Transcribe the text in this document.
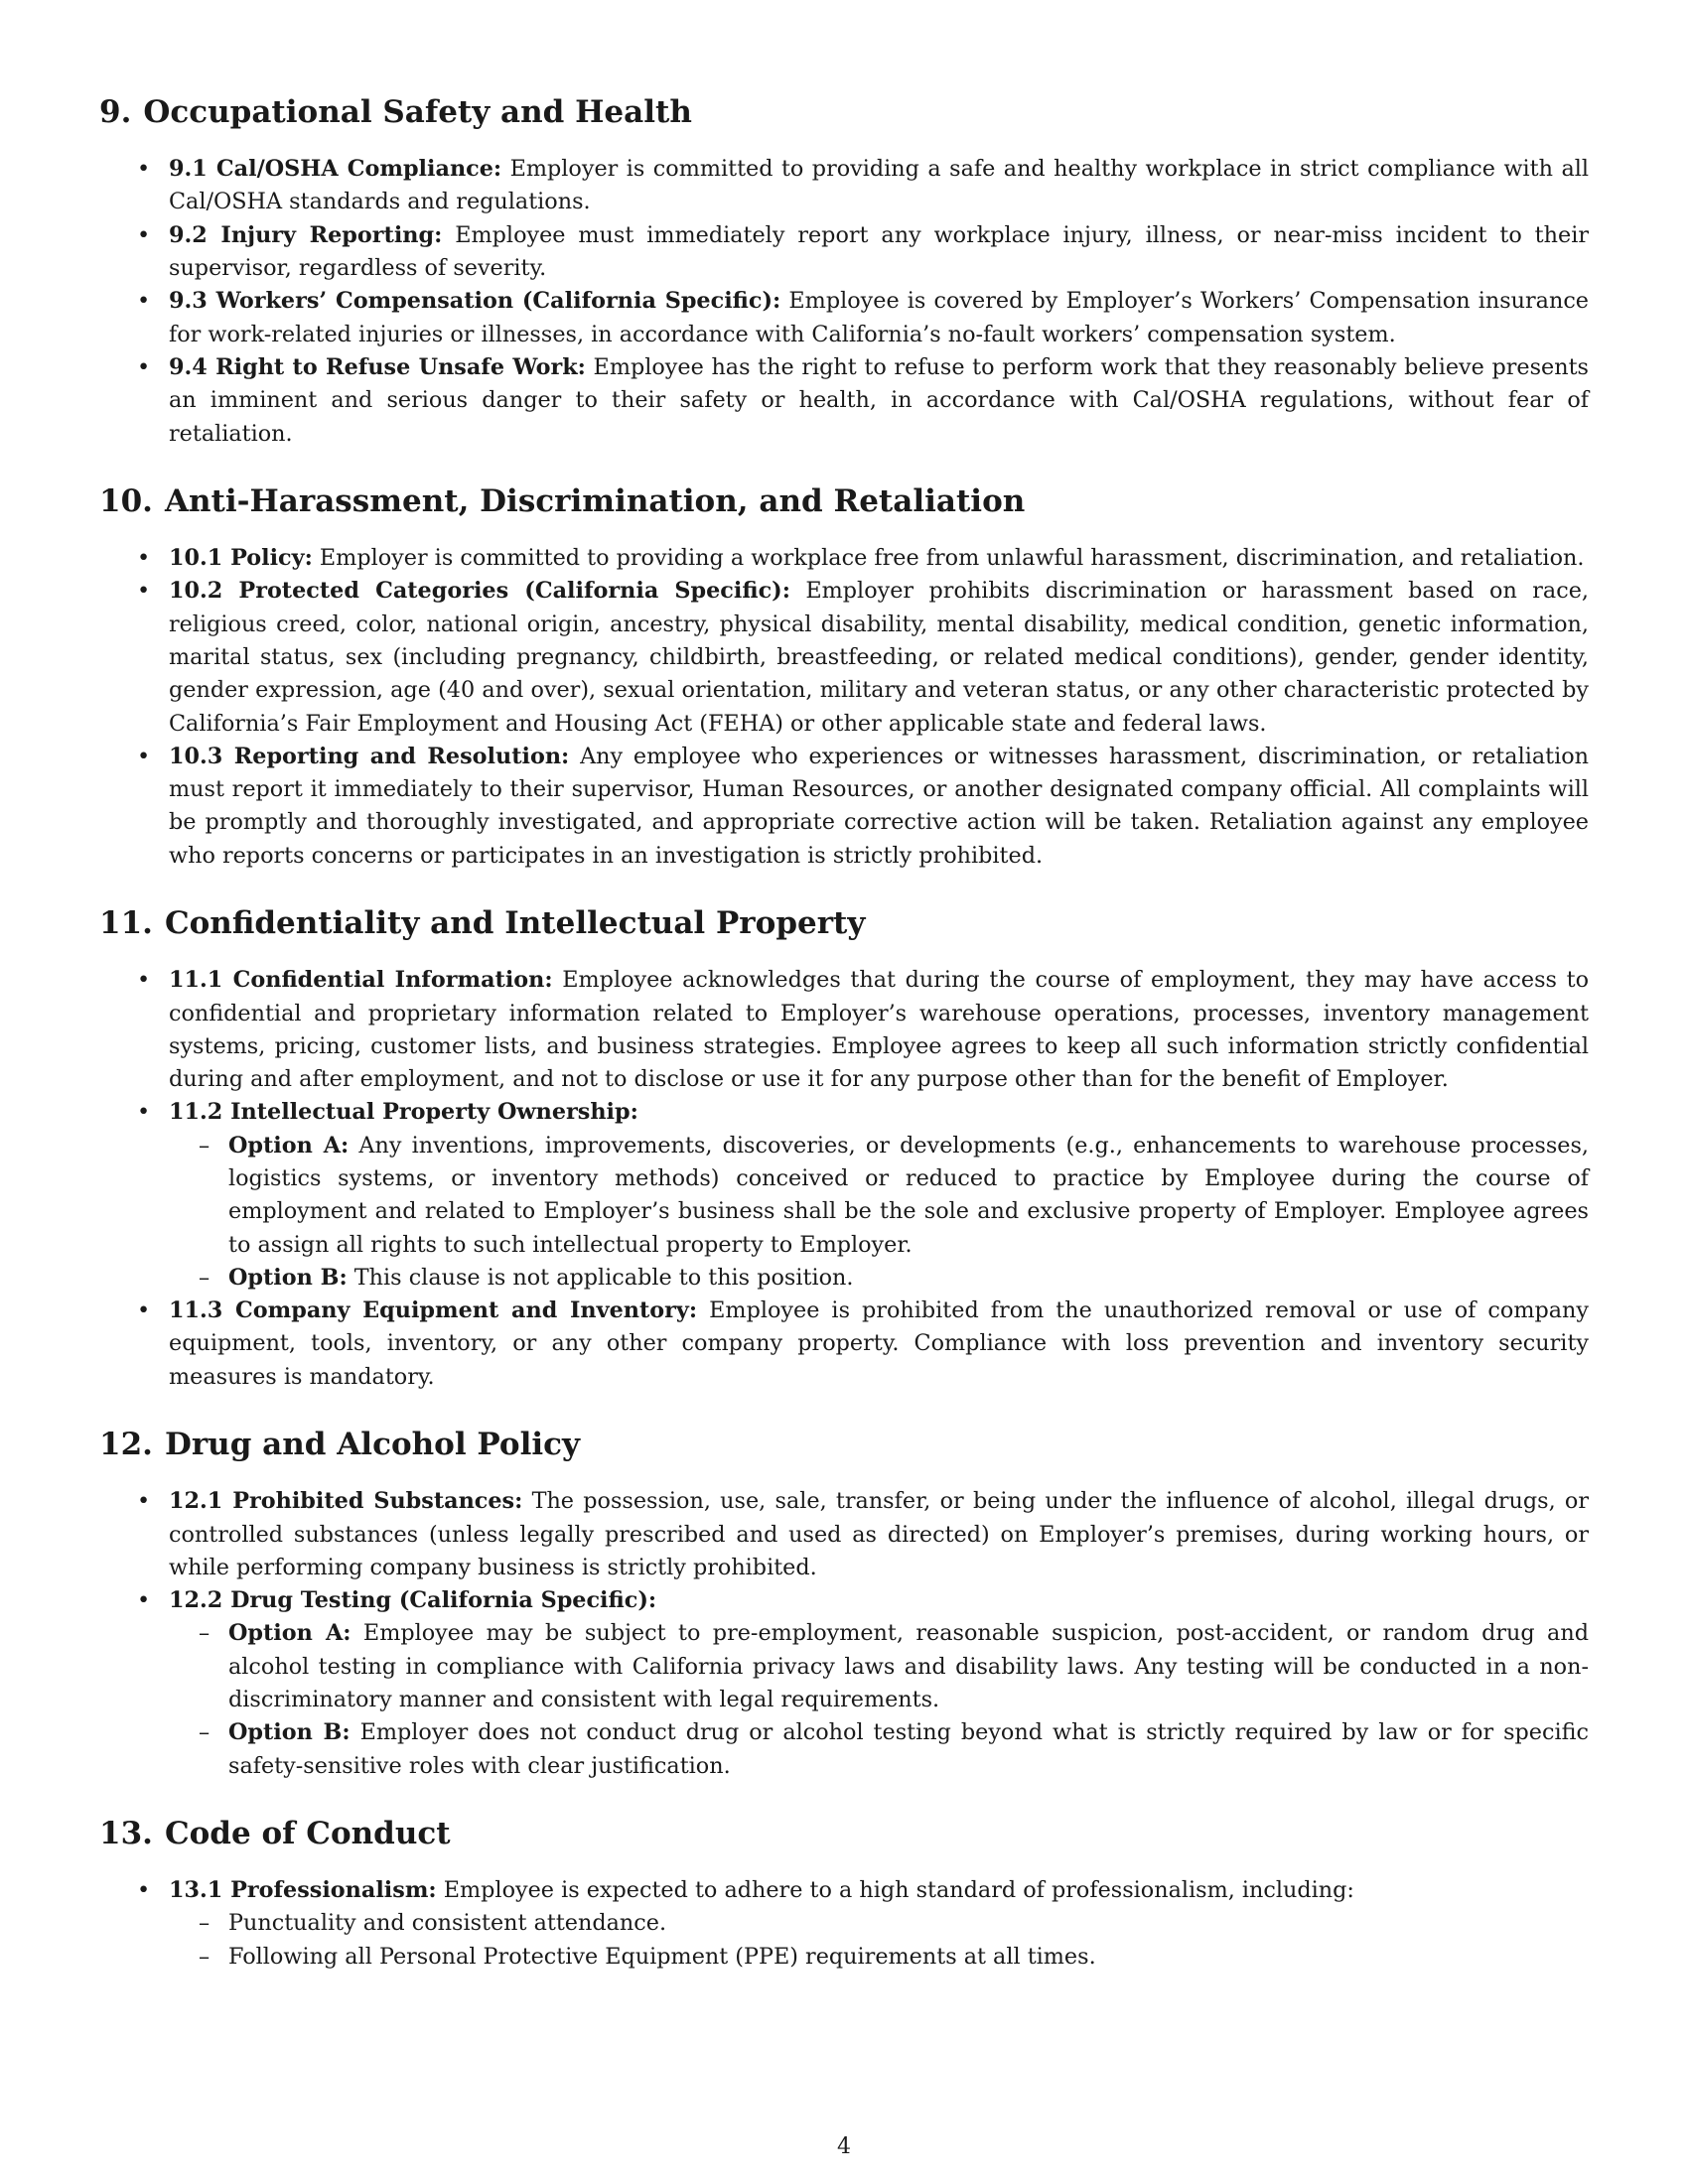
9. Occupational Safety and Health
• 9.1 Cal/OSHA Compliance: Employer is committed to providing a safe and healthy workplace in strict compliance with all Cal/OSHA standards and regulations.
• 9.2 Injury Reporting: Employee must immediately report any workplace injury, illness, or near-miss incident to their supervisor, regardless of severity.
• 9.3 Workers’ Compensation (California Specific): Employee is covered by Employer’s Workers’ Compensation insurance for work-related injuries or illnesses, in accordance with California’s no-fault workers’ compensation system.
• 9.4 Right to Refuse Unsafe Work: Employee has the right to refuse to perform work that they reasonably believe presents an imminent and serious danger to their safety or health, in accordance with Cal/OSHA regulations, without fear of retaliation.
10. Anti-Harassment, Discrimination, and Retaliation
• 10.1 Policy: Employer is committed to providing a workplace free from unlawful harassment, discrimination, and retaliation.
• 10.2 Protected Categories (California Specific): Employer prohibits discrimination or harassment based on race, religious creed, color, national origin, ancestry, physical disability, mental disability, medical condition, genetic information, marital status, sex (including pregnancy, childbirth, breastfeeding, or related medical conditions), gender, gender identity, gender expression, age (40 and over), sexual orientation, military and veteran status, or any other characteristic protected by California’s Fair Employment and Housing Act (FEHA) or other applicable state and federal laws.
• 10.3 Reporting and Resolution: Any employee who experiences or witnesses harassment, discrimination, or retaliation must report it immediately to their supervisor, Human Resources, or another designated company official. All complaints will be promptly and thoroughly investigated, and appropriate corrective action will be taken. Retaliation against any employee who reports concerns or participates in an investigation is strictly prohibited.
11. Confidentiality and Intellectual Property
• 11.1 Confidential Information: Employee acknowledges that during the course of employment, they may have access to confidential and proprietary information related to Employer’s warehouse operations, processes, inventory management systems, pricing, customer lists, and business strategies. Employee agrees to keep all such information strictly confidential during and after employment, and not to disclose or use it for any purpose other than for the benefit of Employer.
• 11.2 Intellectual Property Ownership:
– Option A: Any inventions, improvements, discoveries, or developments (e.g., enhancements to warehouse processes, logistics systems, or inventory methods) conceived or reduced to practice by Employee during the course of employment and related to Employer’s business shall be the sole and exclusive property of Employer. Employee agrees to assign all rights to such intellectual property to Employer.
– Option B: This clause is not applicable to this position.
• 11.3 Company Equipment and Inventory: Employee is prohibited from the unauthorized removal or use of company equipment, tools, inventory, or any other company property. Compliance with loss prevention and inventory security measures is mandatory.
12. Drug and Alcohol Policy
• 12.1 Prohibited Substances: The possession, use, sale, transfer, or being under the influence of alcohol, illegal drugs, or controlled substances (unless legally prescribed and used as directed) on Employer’s premises, during working hours, or while performing company business is strictly prohibited.
• 12.2 Drug Testing (California Specific):
– Option A: Employee may be subject to pre-employment, reasonable suspicion, post-accident, or random drug and alcohol testing in compliance with California privacy laws and disability laws. Any testing will be conducted in a non-discriminatory manner and consistent with legal requirements.
– Option B: Employer does not conduct drug or alcohol testing beyond what is strictly required by law or for specific safety-sensitive roles with clear justification.
13. Code of Conduct
• 13.1 Professionalism: Employee is expected to adhere to a high standard of professionalism, including:
– Punctuality and consistent attendance.
– Following all Personal Protective Equipment (PPE) requirements at all times.
4
